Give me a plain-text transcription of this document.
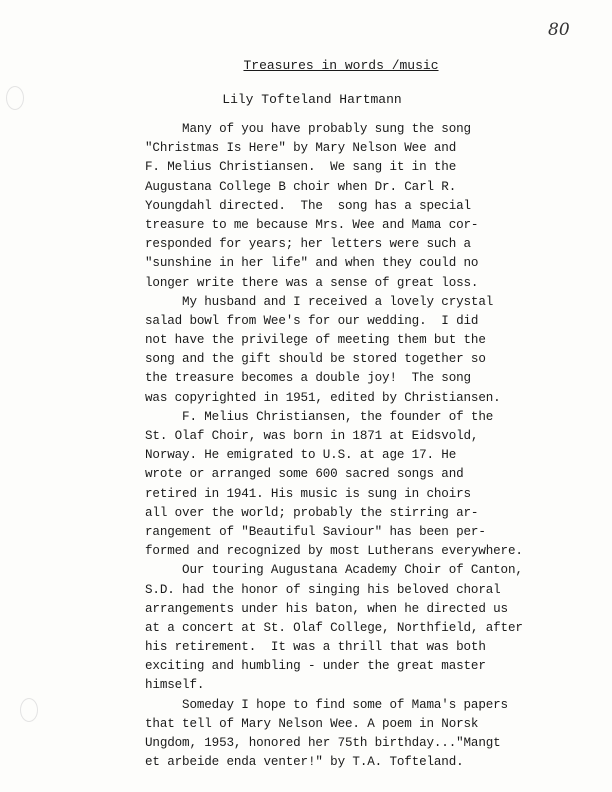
80
Treasures in words /music
Lily Tofteland Hartmann
Many of you have probably sung the song
"Christmas Is Here" by Mary Nelson Wee and
F. Melius Christiansen.  We sang it in the
Augustana College B choir when Dr. Carl R.
Youngdahl directed.  The  song has a special
treasure to me because Mrs. Wee and Mama cor-
responded for years; her letters were such a
"sunshine in her life" and when they could no
longer write there was a sense of great loss.
My husband and I received a lovely crystal
salad bowl from Wee's for our wedding.  I did
not have the privilege of meeting them but the
song and the gift should be stored together so
the treasure becomes a double joy!  The song
was copyrighted in 1951, edited by Christiansen.
F. Melius Christiansen, the founder of the
St. Olaf Choir, was born in 1871 at Eidsvold,
Norway. He emigrated to U.S. at age 17. He
wrote or arranged some 600 sacred songs and
retired in 1941. His music is sung in choirs
all over the world; probably the stirring ar-
rangement of "Beautiful Saviour" has been per-
formed and recognized by most Lutherans everywhere.
Our touring Augustana Academy Choir of Canton,
S.D. had the honor of singing his beloved choral
arrangements under his baton, when he directed us
at a concert at St. Olaf College, Northfield, after
his retirement.  It was a thrill that was both
exciting and humbling - under the great master
himself.
Someday I hope to find some of Mama's papers
that tell of Mary Nelson Wee. A poem in Norsk
Ungdom, 1953, honored her 75th birthday..."Mangt
et arbeide enda venter!" by T.A. Tofteland.
